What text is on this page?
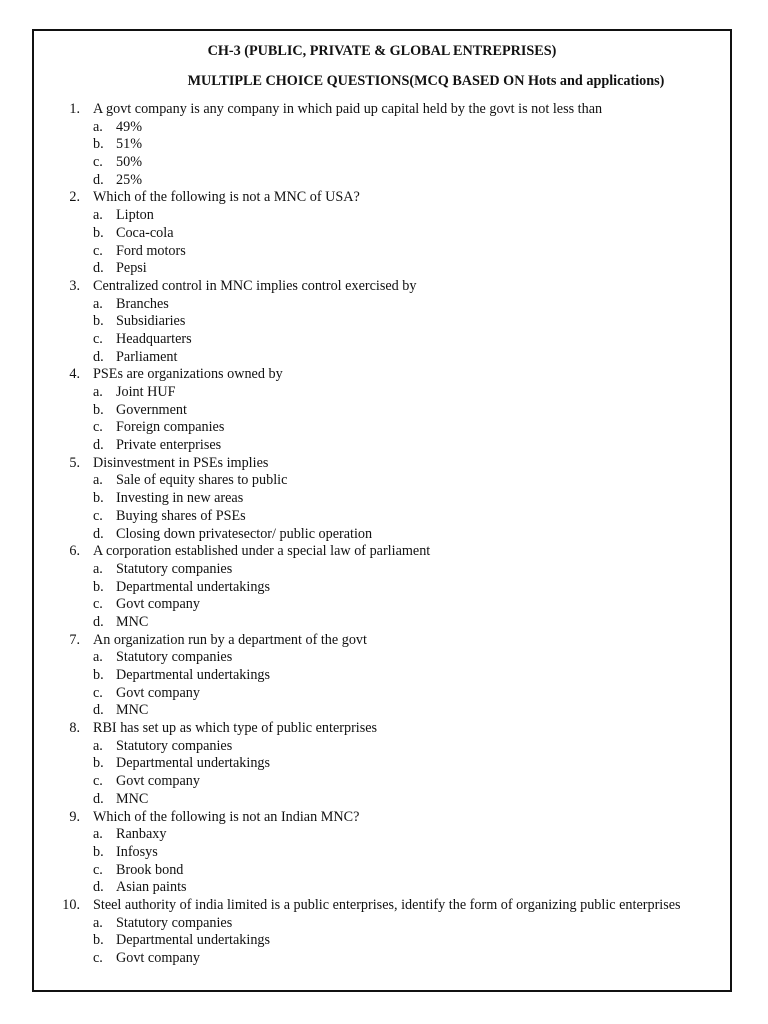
CH-3 (PUBLIC, PRIVATE & GLOBAL ENTREPRISES)
MULTIPLE CHOICE QUESTIONS(MCQ BASED ON Hots and applications)
1. A govt company is any company in which paid up capital held by the govt is not less than
a. 49%
b. 51%
c. 50%
d. 25%
2. Which of the following is not a MNC of USA?
a. Lipton
b. Coca-cola
c. Ford motors
d. Pepsi
3. Centralized control in MNC implies control exercised by
a. Branches
b. Subsidiaries
c. Headquarters
d. Parliament
4. PSEs are organizations owned by
a. Joint HUF
b. Government
c. Foreign companies
d. Private enterprises
5. Disinvestment in PSEs implies
a. Sale of equity shares to public
b. Investing in new areas
c. Buying shares of PSEs
d. Closing down privatesector/ public operation
6. A corporation established under a special law of parliament
a. Statutory companies
b. Departmental undertakings
c. Govt company
d. MNC
7. An organization run by a department of the govt
a. Statutory companies
b. Departmental undertakings
c. Govt company
d. MNC
8. RBI has set up as which type of public enterprises
a. Statutory companies
b. Departmental undertakings
c. Govt company
d. MNC
9. Which of the following is not an Indian MNC?
a. Ranbaxy
b. Infosys
c. Brook bond
d. Asian paints
10. Steel authority of india limited is a public enterprises, identify the form of organizing public enterprises
a. Statutory companies
b. Departmental undertakings
c. Govt company
